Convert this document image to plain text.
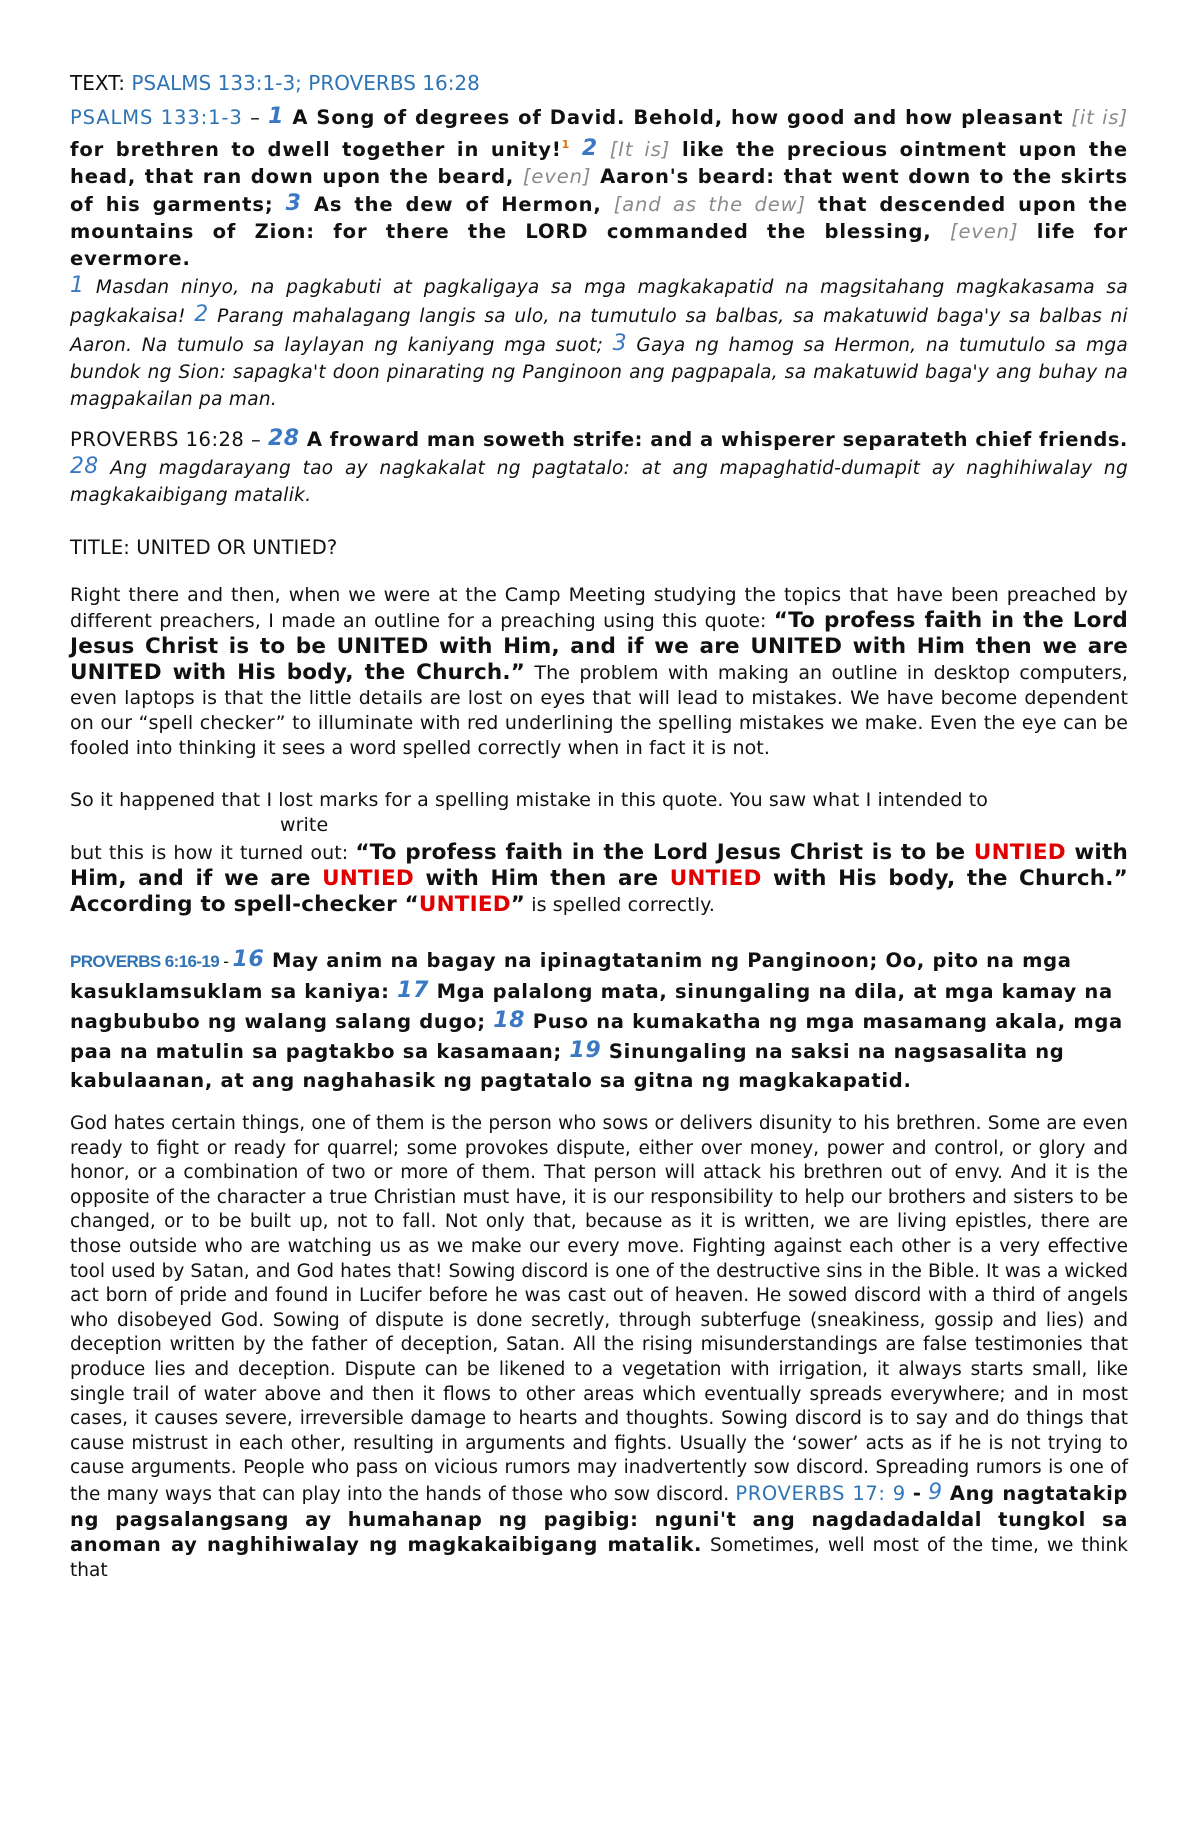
TEXT: PSALMS 133:1-3; PROVERBS 16:28

PSALMS 133:1-3 – 1 A Song of degrees of David. Behold, how good and how pleasant [it is] for brethren to dwell together in unity!$^1$ 2 [It is] like the precious ointment upon the head, that ran down upon the beard, [even] Aaron's beard: that went down to the skirts of his garments; 3 As the dew of Hermon, [and as the dew] that descended upon the mountains of Zion: for there the LORD commanded the blessing, [even] life for evermore.

1 Masdan ninyo, na pagkabuti at pagkaligaya sa mga magkakapatid na magsitahang magkakasama sa pagkakaisa! 2 Parang mahalagang langis sa ulo, na tumutulo sa balbas, sa makatuwid baga'y sa balbas ni Aaron. Na tumulo sa laylayan ng kaniyang mga suot; 3 Gaya ng hamog sa Hermon, na tumutulo sa mga bundok ng Sion: sapagka't doon pinarating ng Panginoon ang pagpapala, sa makatuwid baga'y ang buhay na magpakailan pa man.

PROVERBS 16:28 – 28 A froward man soweth strife: and a whisperer separateth chief friends.

28 Ang magdarayang tao ay nagkakalat ng pagtatalo: at ang mapaghatid-dumapit ay naghihiwalay ng magkakaibigang matalik.

TITLE: UNITED OR UNTIED?

Right there and then, when we were at the Camp Meeting studying the topics that have been preached by different preachers, I made an outline for a preaching using this quote: “To profess faith in the Lord Jesus Christ is to be UNITED with Him, and if we are UNITED with Him then we are UNITED with His body, the Church.” The problem with making an outline in desktop computers, even laptops is that the little details are lost on eyes that will lead to mistakes. We have become dependent on our “spell checker” to illuminate with red underlining the spelling mistakes we make. Even the eye can be fooled into thinking it sees a word spelled correctly when in fact it is not.

So it happened that I lost marks for a spelling mistake in this quote. You saw what I intended to

write

but this is how it turned out: “To profess faith in the Lord Jesus Christ is to be UNTIED with Him, and if we are UNTIED with Him then are UNTIED with His body, the Church.” According to spell-checker “UNTIED” is spelled correctly.

PROVERBS 6:16-19 - 16 May anim na bagay na ipinagtatanim ng Panginoon; Oo, pito na mga kasuklamsuklam sa kaniya: 17 Mga palalong mata, sinungaling na dila, at mga kamay na nagbububo ng walang salang dugo; 18 Puso na kumakatha ng mga masamang akala, mga paa na matulin sa pagtakbo sa kasamaan; 19 Sinungaling na saksi na nagsasalita ng kabulaanan, at ang naghahasik ng pagtatalo sa gitna ng magkakapatid.

God hates certain things, one of them is the person who sows or delivers disunity to his brethren. Some are even ready to fight or ready for quarrel; some provokes dispute, either over money, power and control, or glory and honor, or a combination of two or more of them. That person will attack his brethren out of envy. And it is the opposite of the character a true Christian must have, it is our responsibility to help our brothers and sisters to be changed, or to be built up, not to fall. Not only that, because as it is written, we are living epistles, there are those outside who are watching us as we make our every move. Fighting against each other is a very effective tool used by Satan, and God hates that! Sowing discord is one of the destructive sins in the Bible. It was a wicked act born of pride and found in Lucifer before he was cast out of heaven. He sowed discord with a third of angels who disobeyed God. Sowing of dispute is done secretly, through subterfuge (sneakiness, gossip and lies) and deception written by the father of deception, Satan. All the rising misunderstandings are false testimonies that produce lies and deception. Dispute can be likened to a vegetation with irrigation, it always starts small, like single trail of water above and then it flows to other areas which eventually spreads everywhere; and in most cases, it causes severe, irreversible damage to hearts and thoughts. Sowing discord is to say and do things that cause mistrust in each other, resulting in arguments and fights. Usually the ‘sower’ acts as if he is not trying to cause arguments. People who pass on vicious rumors may inadvertently sow discord. Spreading rumors is one of the many ways that can play into the hands of those who sow discord. PROVERBS 17: 9 - 9 Ang nagtatakip ng pagsalangsang ay humahanap ng pagibig: nguni't ang nagdadadaldal tungkol sa anoman ay naghihiwalay ng magkakaibigang matalik. Sometimes, well most of the time, we think that
